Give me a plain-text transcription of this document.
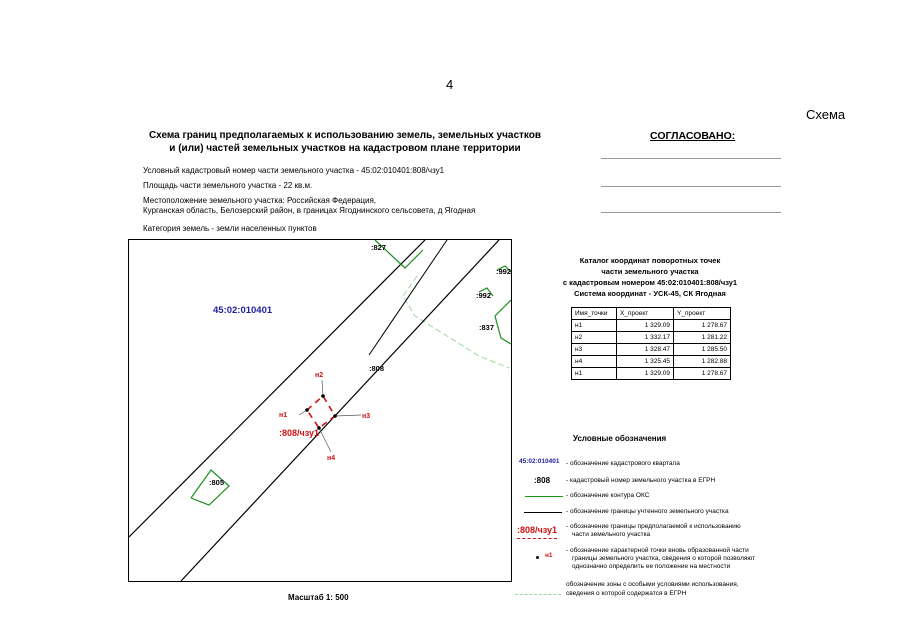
4
Схема
Схема границ предполагаемых к использованию земель, земельных участков
и (или) частей земельных участков на кадастровом плане территории
СОГЛАСОВАНО:
Условный кадастровый номер части земельного участка - 45:02:010401:808/чзу1
Площадь части земельного участка - 22 кв.м.
Местоположение земельного участка: Российская Федерация,
Курганская область, Белозерский район, в границах Ягоднинского сельсовета, д Ягодная
Категория земель - земли населенных пунктов
45:02:010401
:808
:805
:827
:992
:992
:837
:808/чзу1
н1
н2
н3
н4
Каталог координат поворотных точек
части земельного участка
с кадастровым номером 45:02:010401:808/чзу1
Система координат - УСК-45, СК Ягодная
Имя_точки	X_проект	Y_проект
н1	1 329.09	1 278.67
н2	1 332.17	1 281.22
н3	1 328.47	1 285.50
н4	1 325.45	1 282.88
н1	1 329.09	1 278.67
Условные обозначения
45:02:010401 - обозначение кадастрового квартала
:808 - кадастровый номер земельного участка в ЕГРН
- обозначение контура ОКС
- обозначение границы учтенного земельного участка
:808/чзу1 - обозначение границы предполагаемой к использованию
части земельного участка
н1
- обозначение характерной точки вновь образованной части
границы земельного участка, сведения о которой позволяют
однозначно определить ее положение на местности
обозначение зоны с особыми условиями использования,
сведения о которой содержатся в ЕГРН
Масштаб 1: 500
